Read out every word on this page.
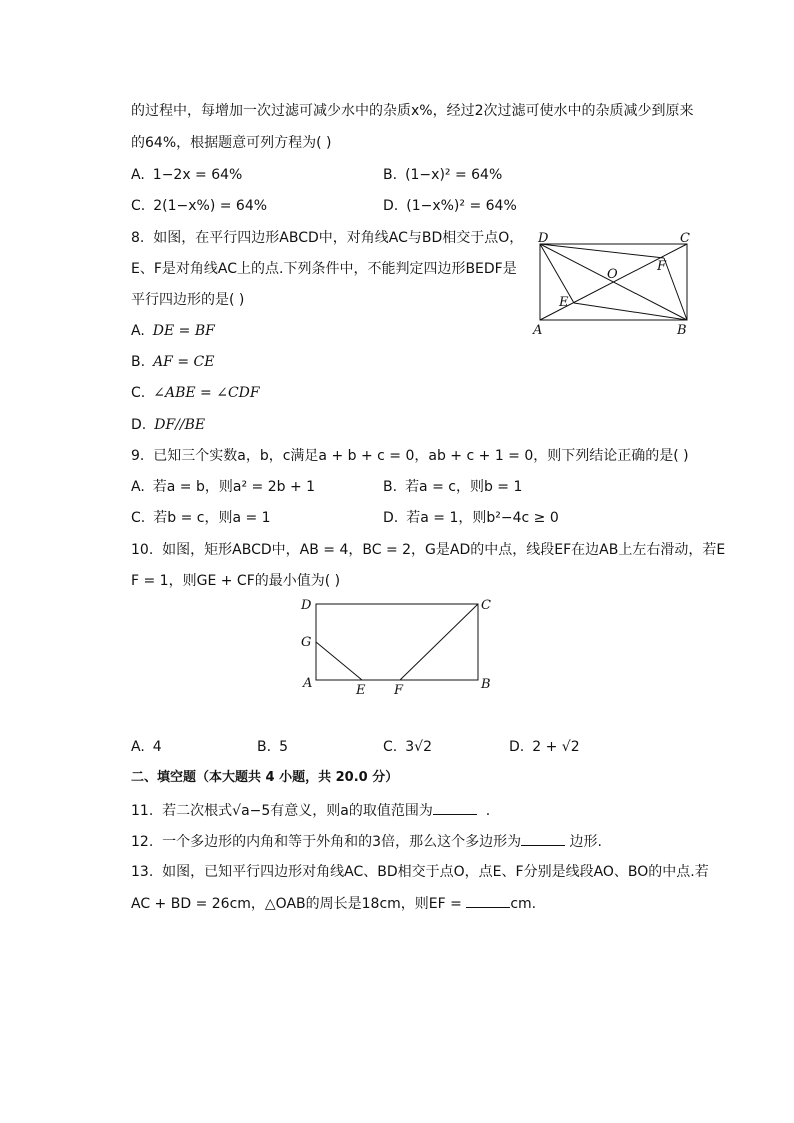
的过程中，每增加一次过滤可减少水中的杂质x%，经过2次过滤可使水中的杂质减少到原来
的64%，根据题意可列方程为( )
A. 1−2x = 64%	B. (1−x)² = 64%
C. 2(1−x%) = 64%	D. (1−x%)² = 64%
8. 如图，在平行四边形ABCD中，对角线AC与BD相交于点O，
E、F是对角线AC上的点.下列条件中，不能判定四边形BEDF是
平行四边形的是( )
A. DE = BF
B. AF = CE
C. ∠ABE = ∠CDF
D. DF//BE
D	C
A	B
O
E
F
9. 已知三个实数a，b，c满足a + b + c = 0，ab + c + 1 = 0，则下列结论正确的是( )
A. 若a = b，则a² = 2b + 1	B. 若a = c，则b = 1
C. 若b = c，则a = 1	D. 若a = 1，则b²−4c ≥ 0
10. 如图，矩形ABCD中，AB = 4，BC = 2，G是AD的中点，线段EF在边AB上左右滑动，若E
F = 1，则GE + CF的最小值为( )
D	C
G
A	B
E F
A. 4	B. 5	C. 3√2	D. 2 + √2
二、填空题（本大题共 4 小题，共 20.0 分）
11. 若二次根式√a−5有意义，则a的取值范围为	.
12. 一个多边形的内角和等于外角和的3倍，那么这个多边形为	边形.
13. 如图，已知平行四边形对角线AC、BD相交于点O，点E、F分别是线段AO、BO的中点.若
AC + BD = 26cm，△OAB的周长是18cm，则EF =	cm.
